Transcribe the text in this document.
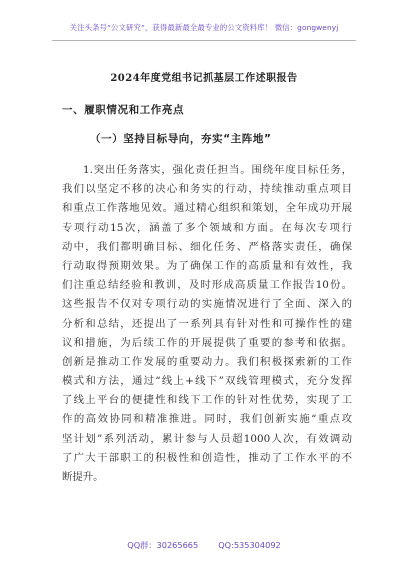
关注头条号“公文研究”，获得最新最全最专业的公文资料库！ 微信：gongwenyj
2024年度党组书记抓基层工作述职报告
一、履职情况和工作亮点
（一）坚持目标导向，夯实“主阵地”
1.突出任务落实，强化责任担当。围绕年度目标任务，
我们以坚定不移的决心和务实的行动，持续推动重点项目
和重点工作落地见效。通过精心组织和策划，全年成功开展
专项行动15次，涵盖了多个领域和方面。在每次专项行
动中，我们都明确目标、细化任务、严格落实责任，确保
行动取得预期效果。为了确保工作的高质量和有效性，我
们注重总结经验和教训，及时形成高质量工作报告10份。
这些报告不仅对专项行动的实施情况进行了全面、深入的
分析和总结，还提出了一系列具有针对性和可操作性的建
议和措施，为后续工作的开展提供了重要的参考和依据。
创新是推动工作发展的重要动力。我们积极探索新的工作
模式和方法，通过“线上+线下”双线管理模式，充分发挥
了线上平台的便捷性和线下工作的针对性优势，实现了工
作的高效协同和精准推进。同时，我们创新实施“重点攻
坚计划”系列活动，累计参与人员超1000人次，有效调动
了广大干部职工的积极性和创造性，推动了工作水平的不
断提升。
QQ群：30265665 QQ:535304092
